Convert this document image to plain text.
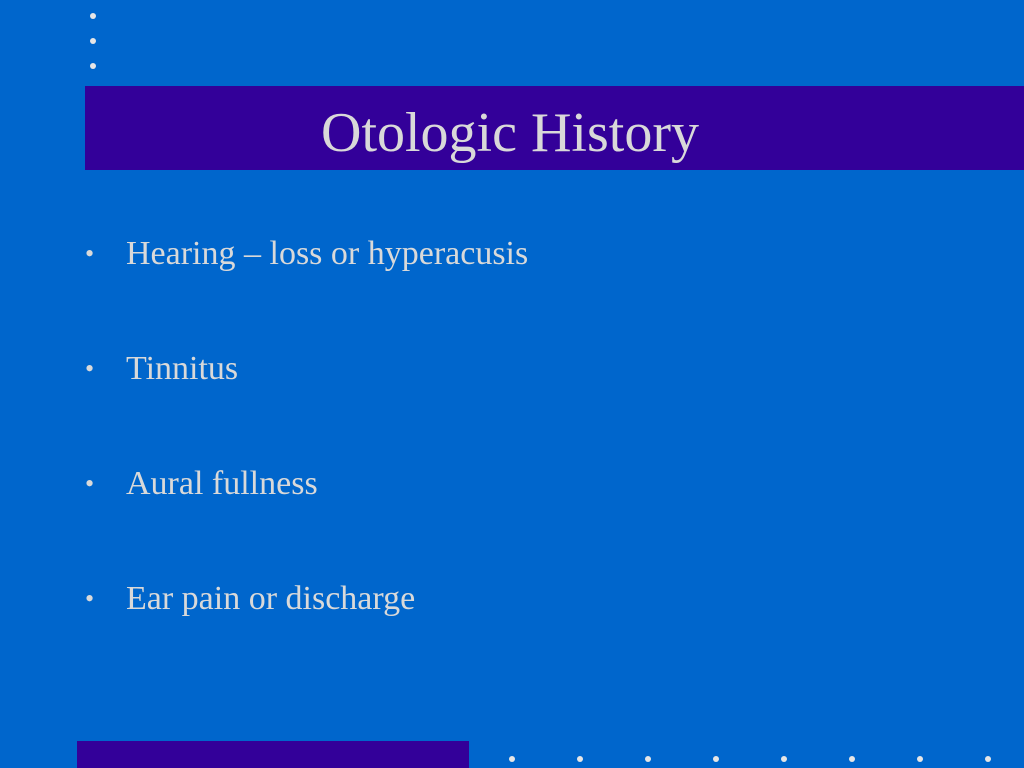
Otologic History
• Hearing – loss or hyperacusis
• Tinnitus
• Aural fullness
• Ear pain or discharge
